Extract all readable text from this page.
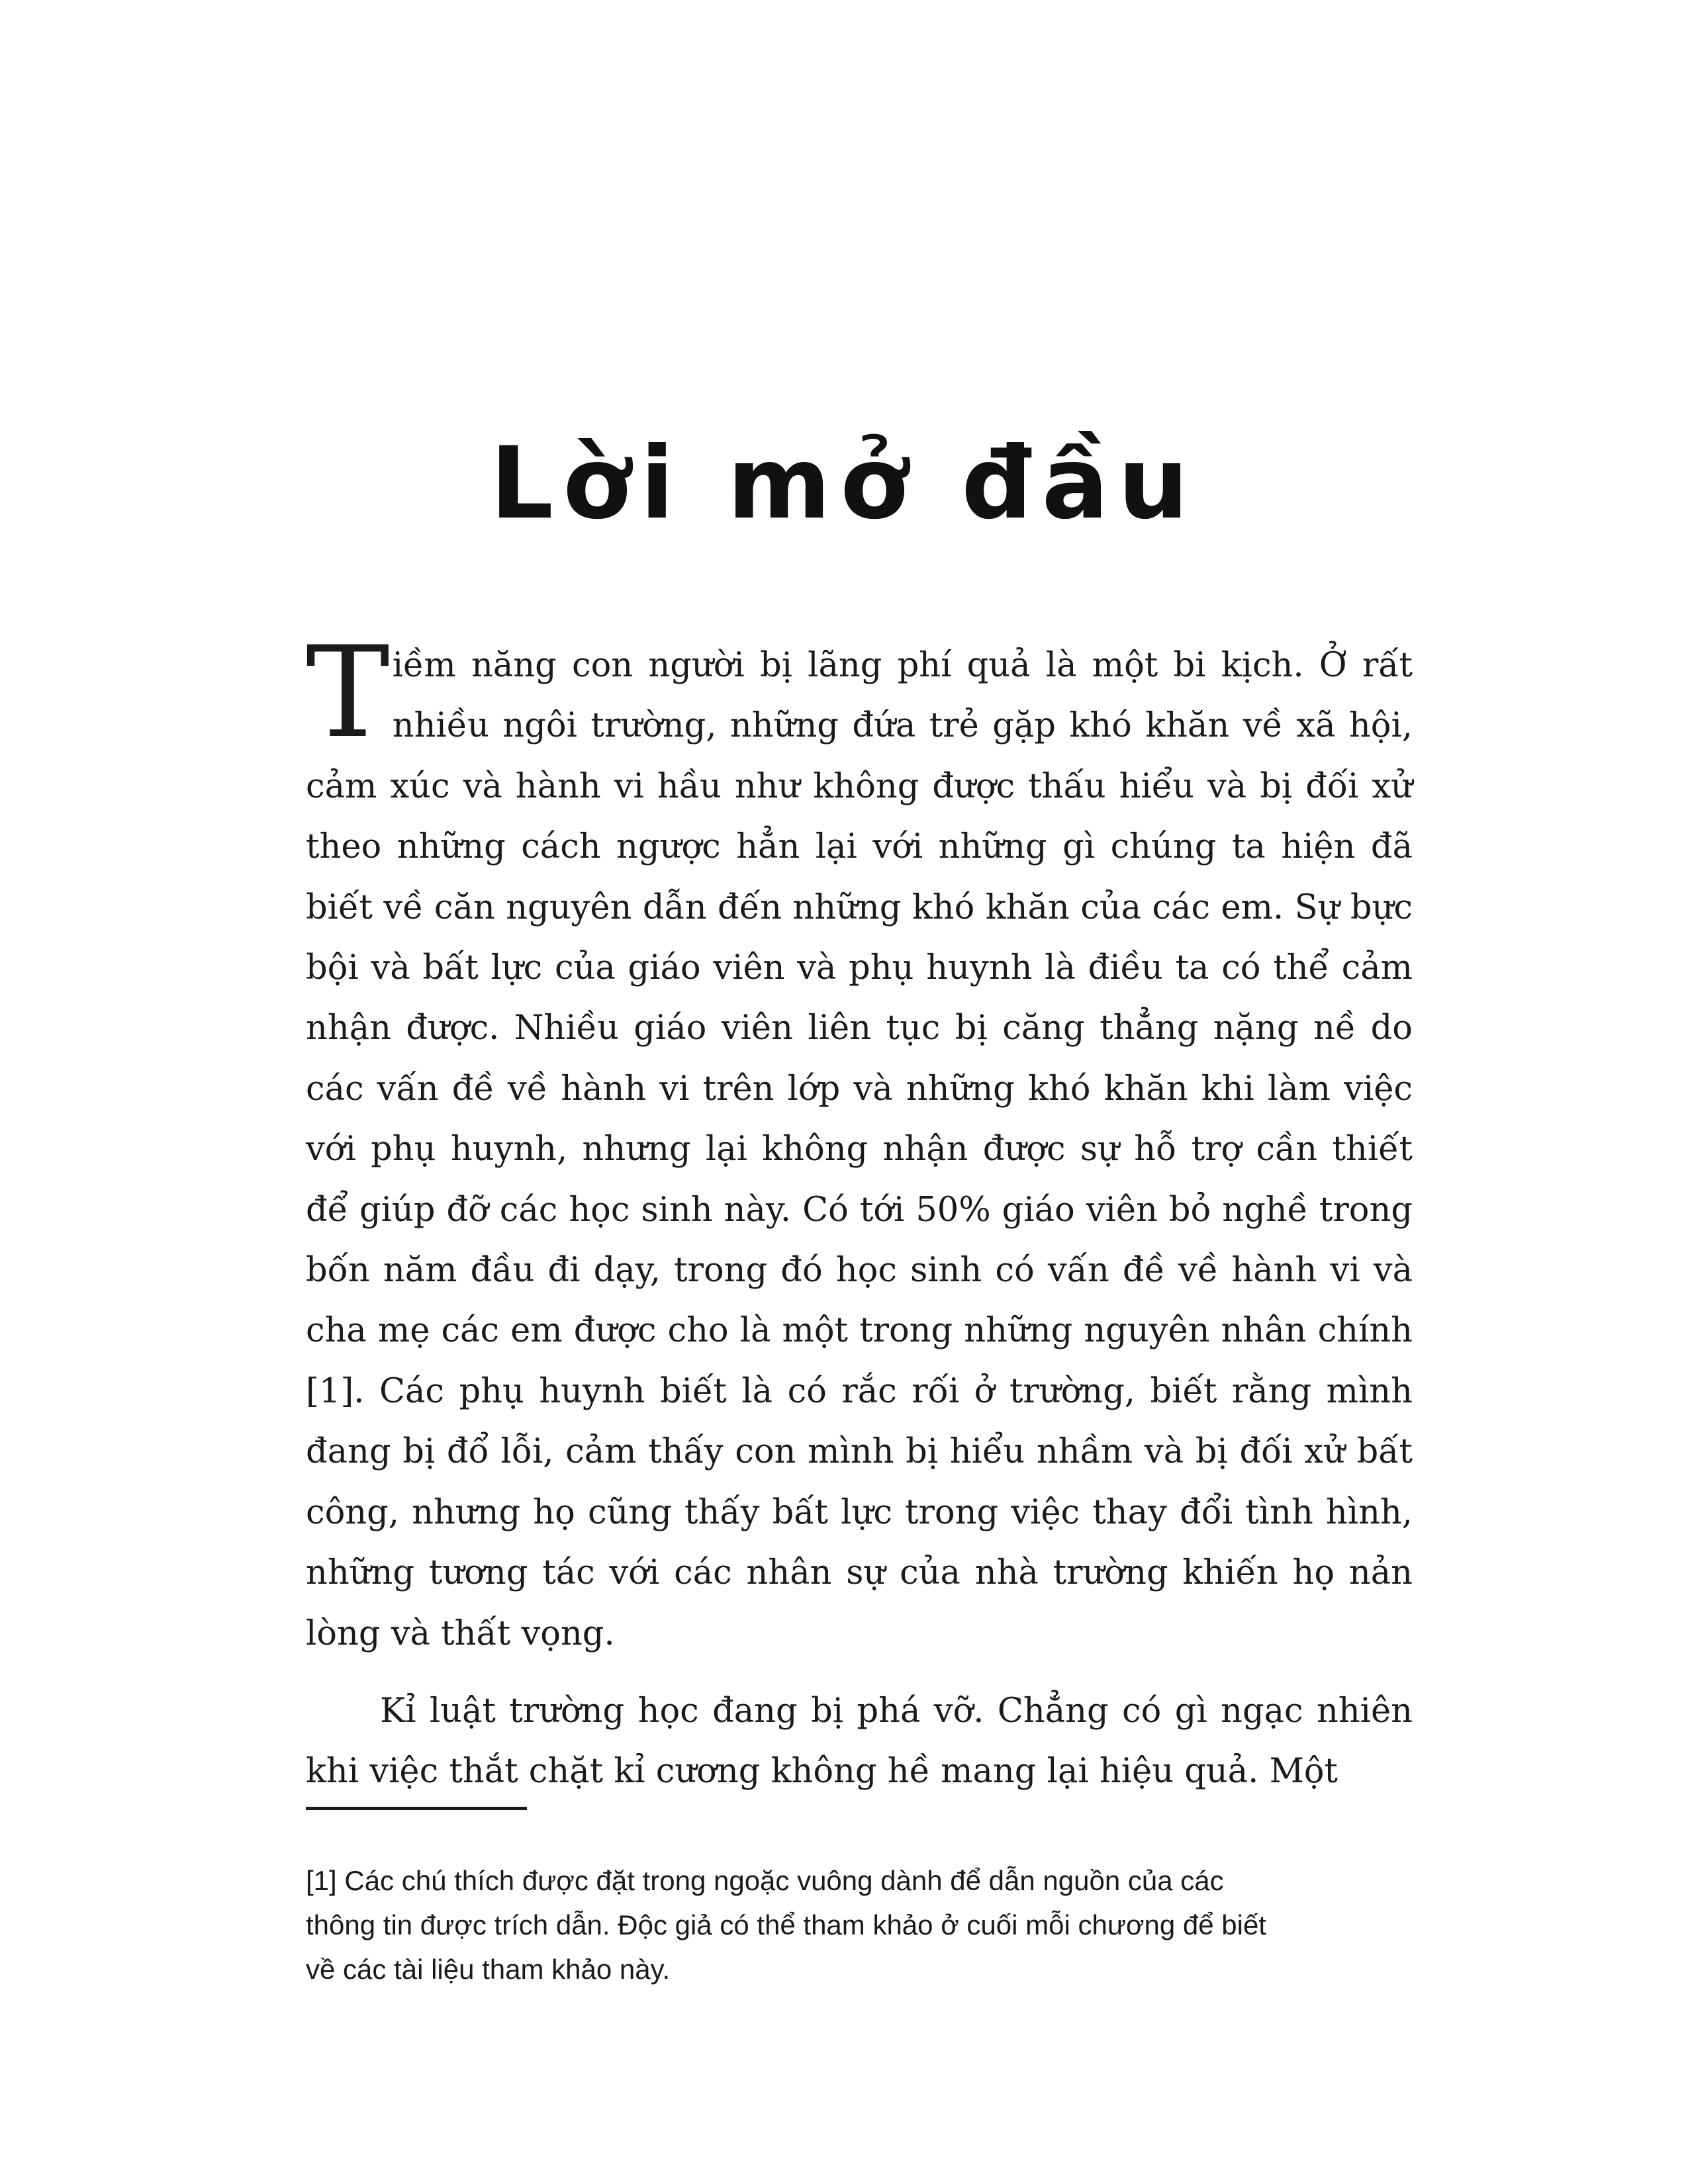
Lời mở đầu

Tiềm năng con người bị lãng phí quả là một bi kịch. Ở rất nhiều ngôi trường, những đứa trẻ gặp khó khăn về xã hội, cảm xúc và hành vi hầu như không được thấu hiểu và bị đối xử theo những cách ngược hẳn lại với những gì chúng ta hiện đã biết về căn nguyên dẫn đến những khó khăn của các em. Sự bực bội và bất lực của giáo viên và phụ huynh là điều ta có thể cảm nhận được. Nhiều giáo viên liên tục bị căng thẳng nặng nề do các vấn đề về hành vi trên lớp và những khó khăn khi làm việc với phụ huynh, nhưng lại không nhận được sự hỗ trợ cần thiết để giúp đỡ các học sinh này. Có tới 50% giáo viên bỏ nghề trong bốn năm đầu đi dạy, trong đó học sinh có vấn đề về hành vi và cha mẹ các em được cho là một trong những nguyên nhân chính [1]. Các phụ huynh biết là có rắc rối ở trường, biết rằng mình đang bị đổ lỗi, cảm thấy con mình bị hiểu nhầm và bị đối xử bất công, nhưng họ cũng thấy bất lực trong việc thay đổi tình hình, những tương tác với các nhân sự của nhà trường khiến họ nản lòng và thất vọng.

Kỉ luật trường học đang bị phá vỡ. Chẳng có gì ngạc nhiên khi việc thắt chặt kỉ cương không hề mang lại hiệu quả. Một

[1] Các chú thích được đặt trong ngoặc vuông dành để dẫn nguồn của các
thông tin được trích dẫn. Độc giả có thể tham khảo ở cuối mỗi chương để biết
về các tài liệu tham khảo này.
